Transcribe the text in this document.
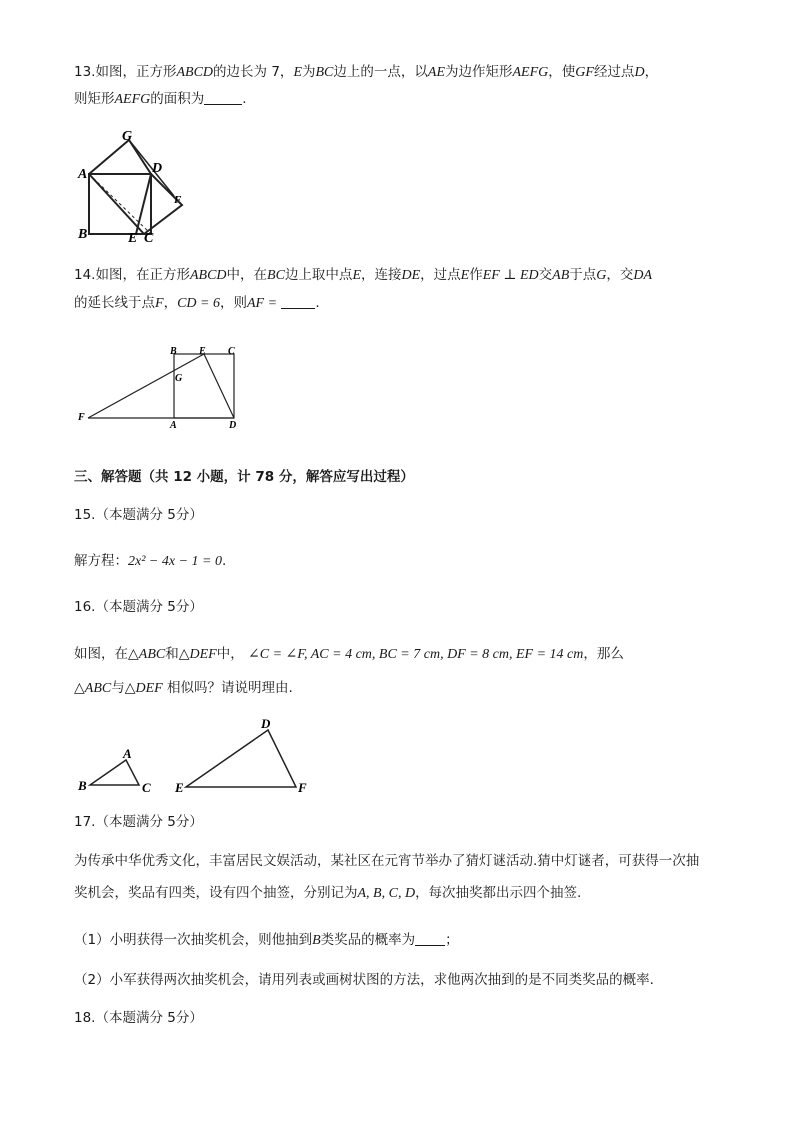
13.如图，正方形ABCD的边长为 7，E为BC边上的一点，以AE为边作矩形AEFG，使GF经过点D，
则矩形AEFG的面积为	.
G
A	D
B	E C
F
14.如图，在正方形ABCD中，在BC边上取中点E，连接DE，过点E作EF ⊥ ED交AB于点G，交DA
的延长线于点F，CD = 6，则AF =	.
B E C
G
F
A	D
三、解答题（共 12 小题，计 78 分，解答应写出过程）
15.（本题满分 5分）
解方程：2x² − 4x − 1 = 0.
16.（本题满分 5分）
如图，在△ABC和△DEF中， ∠C = ∠F, AC = 4 cm, BC = 7 cm, DF = 8 cm, EF = 14 cm，那么
△ABC与△DEF 相似吗？请说明理由.
A
B	C
D
E	F
17.（本题满分 5分）
为传承中华优秀文化，丰富居民文娱活动，某社区在元宵节举办了猜灯谜活动.猜中灯谜者，可获得一次抽
奖机会，奖品有四类，设有四个抽签，分别记为A, B, C, D，每次抽奖都出示四个抽签.
（1）小明获得一次抽奖机会，则他抽到B类奖品的概率为 ；
（2）小军获得两次抽奖机会，请用列表或画树状图的方法，求他两次抽到的是不同类奖品的概率.
18.（本题满分 5分）
